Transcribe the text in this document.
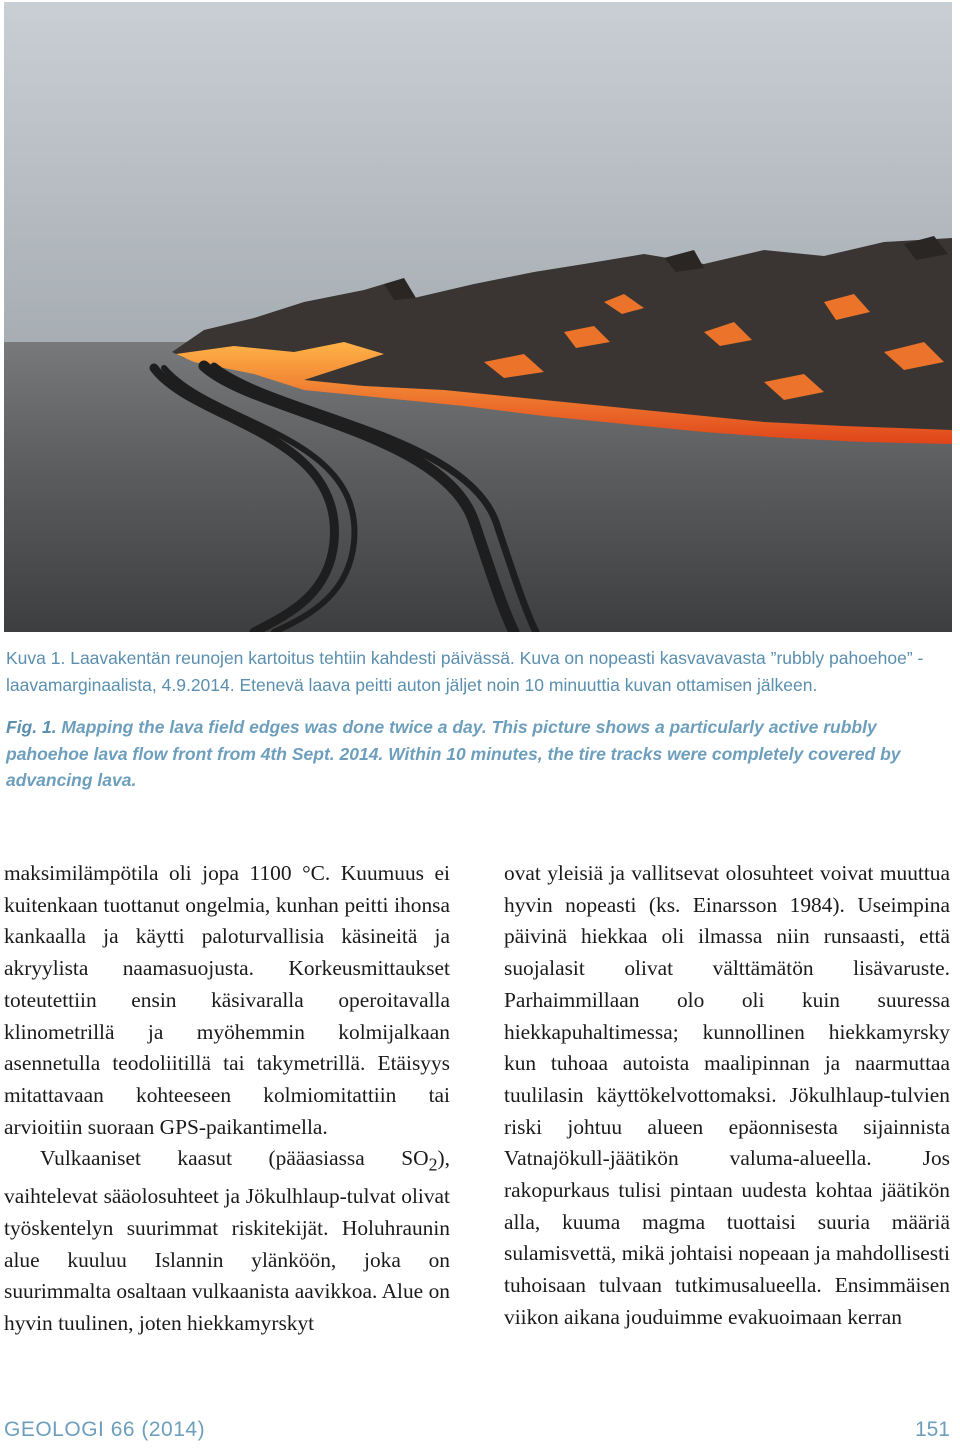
Kuva 1. Laavakentän reunojen kartoitus tehtiin kahdesti päivässä. Kuva on nopeasti kasvavavasta ”rubbly pahoehoe” -laavamarginaalista, 4.9.2014. Etenevä laava peitti auton jäljet noin 10 minuuttia kuvan ottamisen jälkeen.

Fig. 1. Mapping the lava field edges was done twice a day. This picture shows a particularly active rubbly pahoehoe lava flow front from 4th Sept. 2014. Within 10 minutes, the tire tracks were completely covered by advancing lava.

maksimilämpötila oli jopa 1100 °C. Kuumuus ei kuitenkaan tuottanut ongelmia, kunhan peitti ihonsa kankaalla ja käytti paloturvallisia käsineitä ja akryylista naamasuojusta. Korkeusmittaukset toteutettiin ensin käsivaralla operoitavalla klinometrillä ja myöhemmin kolmijalkaan asennetulla teodoliitillä tai takymetrillä. Etäisyys mitattavaan kohteeseen kolmiomitattiin tai arvioitiin suoraan GPS-paikantimella.

Vulkaaniset kaasut (pääasiassa $SO_2$), vaihtelevat sääolosuhteet ja Jökulhlaup-tulvat olivat työskentelyn suurimmat riskitekijät. Holuhraunin alue kuuluu Islannin ylänköön, joka on suurimmalta osaltaan vulkaanista aavikkoa. Alue on hyvin tuulinen, joten hiekkamyrskyt

ovat yleisiä ja vallitsevat olosuhteet voivat muuttua hyvin nopeasti (ks. Einarsson 1984). Useimpina päivinä hiekkaa oli ilmassa niin runsaasti, että suojalasit olivat välttämätön lisävaruste. Parhaimmillaan olo oli kuin suuressa hiekkapuhaltimessa; kunnollinen hiekkamyrsky kun tuhoaa autoista maalipinnan ja naarmuttaa tuulilasin käyttökelvottomaksi. Jökulhlaup-tulvien riski johtuu alueen epäonnisesta sijainnista Vatnajökull-jäätikön valuma-alueella. Jos rakopurkaus tulisi pintaan uudesta kohtaa jäätikön alla, kuuma magma tuottaisi suuria määriä sulamisvettä, mikä johtaisi nopeaan ja mahdollisesti tuhoisaan tulvaan tutkimusalueella. Ensimmäisen viikon aikana jouduimme evakuoimaan kerran

GEOLOGI 66 (2014)	151
